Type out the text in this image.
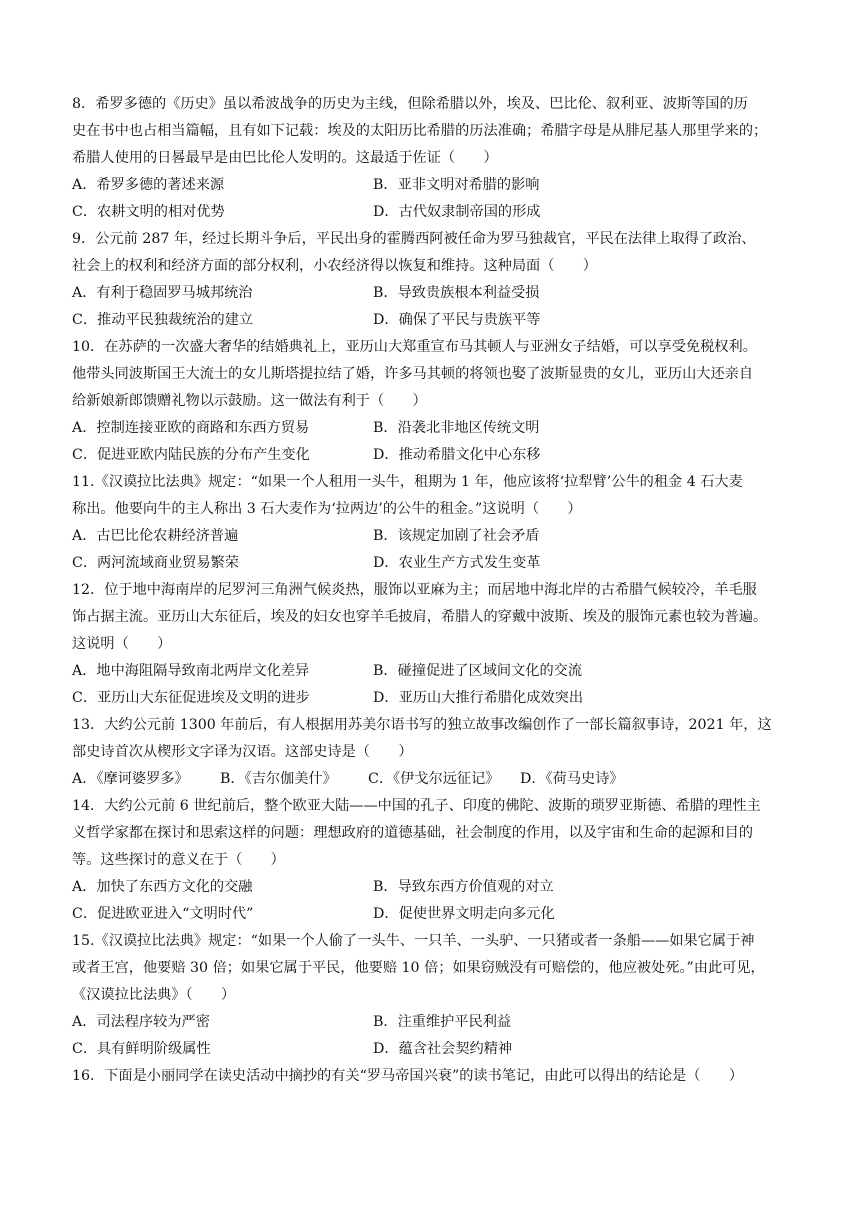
8．希罗多德的《历史》虽以希波战争的历史为主线，但除希腊以外，埃及、巴比伦、叙利亚、波斯等国的历
史在书中也占相当篇幅，且有如下记载：埃及的太阳历比希腊的历法准确；希腊字母是从腓尼基人那里学来的；
希腊人使用的日晷最早是由巴比伦人发明的。这最适于佐证（　　）
A．希罗多德的著述来源	B．亚非文明对希腊的影响
C．农耕文明的相对优势	D．古代奴隶制帝国的形成
9．公元前 287 年，经过长期斗争后，平民出身的霍腾西阿被任命为罗马独裁官，平民在法律上取得了政治、
社会上的权利和经济方面的部分权利，小农经济得以恢复和维持。这种局面（　　）
A．有利于稳固罗马城邦统治	B．导致贵族根本利益受损
C．推动平民独裁统治的建立	D．确保了平民与贵族平等
10．在苏萨的一次盛大奢华的结婚典礼上，亚历山大郑重宣布马其顿人与亚洲女子结婚，可以享受免税权利。
他带头同波斯国王大流士的女儿斯塔提拉结了婚，许多马其顿的将领也娶了波斯显贵的女儿，亚历山大还亲自
给新娘新郎馈赠礼物以示鼓励。这一做法有利于（　　）
A．控制连接亚欧的商路和东西方贸易	B．沿袭北非地区传统文明
C．促进亚欧内陆民族的分布产生变化	D．推动希腊文化中心东移
11.《汉谟拉比法典》规定：“如果一个人租用一头牛，租期为 1 年，他应该将‘拉犁臂’公牛的租金 4 石大麦
称出。他要向牛的主人称出 3 石大麦作为‘拉两边’的公牛的租金。”这说明（　　）
A．古巴比伦农耕经济普遍	B．该规定加剧了社会矛盾
C．两河流域商业贸易繁荣	D．农业生产方式发生变革
12．位于地中海南岸的尼罗河三角洲气候炎热，服饰以亚麻为主；而居地中海北岸的古希腊气候较冷，羊毛服
饰占据主流。亚历山大东征后，埃及的妇女也穿羊毛披肩，希腊人的穿戴中波斯、埃及的服饰元素也较为普遍。
这说明（　　）
A．地中海阻隔导致南北两岸文化差异	B．碰撞促进了区域间文化的交流
C．亚历山大东征促进埃及文明的进步	D．亚历山大推行希腊化成效突出
13．大约公元前 1300 年前后，有人根据用苏美尔语书写的独立故事改编创作了一部长篇叙事诗，2021 年，这
部史诗首次从楔形文字译为汉语。这部史诗是（　　）
A．《摩诃婆罗多》 B．《吉尔伽美什》 C．《伊戈尔远征记》 D．《荷马史诗》
14．大约公元前 6 世纪前后，整个欧亚大陆——中国的孔子、印度的佛陀、波斯的琐罗亚斯德、希腊的理性主
义哲学家都在探讨和思索这样的问题：理想政府的道德基础，社会制度的作用，以及宇宙和生命的起源和目的
等。这些探讨的意义在于（　　）
A．加快了东西方文化的交融	B．导致东西方价值观的对立
C．促进欧亚进入“文明时代”	D．促使世界文明走向多元化
15.《汉谟拉比法典》规定：“如果一个人偷了一头牛、一只羊、一头驴、一只猪或者一条船——如果它属于神
或者王宫，他要赔 30 倍；如果它属于平民，他要赔 10 倍；如果窃贼没有可赔偿的，他应被处死。”由此可见，
《汉谟拉比法典》（　　）
A．司法程序较为严密	B．注重维护平民利益
C．具有鲜明阶级属性	D．蕴含社会契约精神
16．下面是小丽同学在读史活动中摘抄的有关“罗马帝国兴衰”的读书笔记，由此可以得出的结论是（　　）
